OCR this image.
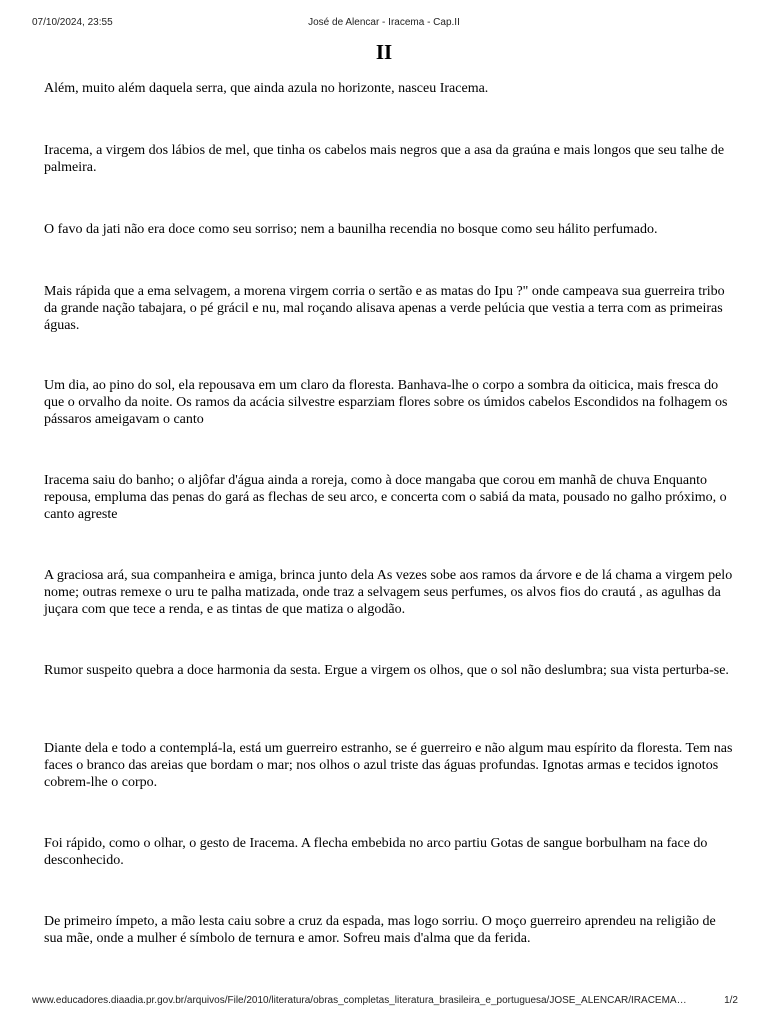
07/10/2024, 23:55	José de Alencar - Iracema - Cap.II
II

Além, muito além daquela serra, que ainda azula no horizonte, nasceu Iracema.

Iracema, a virgem dos lábios de mel, que tinha os cabelos mais negros que a asa da graúna e mais longos que seu talhe de palmeira.

O favo da jati não era doce como seu sorriso; nem a baunilha recendia no bosque como seu hálito perfumado.

Mais rápida que a ema selvagem, a morena virgem corria o sertão e as matas do Ipu ?" onde campeava sua guerreira tribo da grande nação tabajara, o pé grácil e nu, mal roçando alisava apenas a verde pelúcia que vestia a terra com as primeiras águas.

Um dia, ao pino do sol, ela repousava em um claro da floresta. Banhava-lhe o corpo a sombra da oiticica, mais fresca do que o orvalho da noite. Os ramos da acácia silvestre esparziam flores sobre os úmidos cabelos Escondidos na folhagem os pássaros ameigavam o canto

Iracema saiu do banho; o aljôfar d'água ainda a roreja, como à doce mangaba que corou em manhã de chuva Enquanto repousa, empluma das penas do gará as flechas de seu arco, e concerta com o sabiá da mata, pousado no galho próximo, o canto agreste

A graciosa ará, sua companheira e amiga, brinca junto dela As vezes sobe aos ramos da árvore e de lá chama a virgem pelo nome; outras remexe o uru te palha matizada, onde traz a selvagem seus perfumes, os alvos fios do crautá , as agulhas da juçara com que tece a renda, e as tintas de que matiza o algodão.

Rumor suspeito quebra a doce harmonia da sesta. Ergue a virgem os olhos, que o sol não deslumbra; sua vista perturba-se.

Diante dela e todo a contemplá-la, está um guerreiro estranho, se é guerreiro e não algum mau espírito da floresta. Tem nas faces o branco das areias que bordam o mar; nos olhos o azul triste das águas profundas. Ignotas armas e tecidos ignotos cobrem-lhe o corpo.

Foi rápido, como o olhar, o gesto de Iracema. A flecha embebida no arco partiu Gotas de sangue borbulham na face do desconhecido.

De primeiro ímpeto, a mão lesta caiu sobre a cruz da espada, mas logo sorriu. O moço guerreiro aprendeu na religião de sua mãe, onde a mulher é símbolo de ternura e amor. Sofreu mais d'alma que da ferida.

www.educadores.diaadia.pr.gov.br/arquivos/File/2010/literatura/obras_completas_literatura_brasileira_e_portuguesa/JOSE_ALENCAR/IRACEMA…	1/2
